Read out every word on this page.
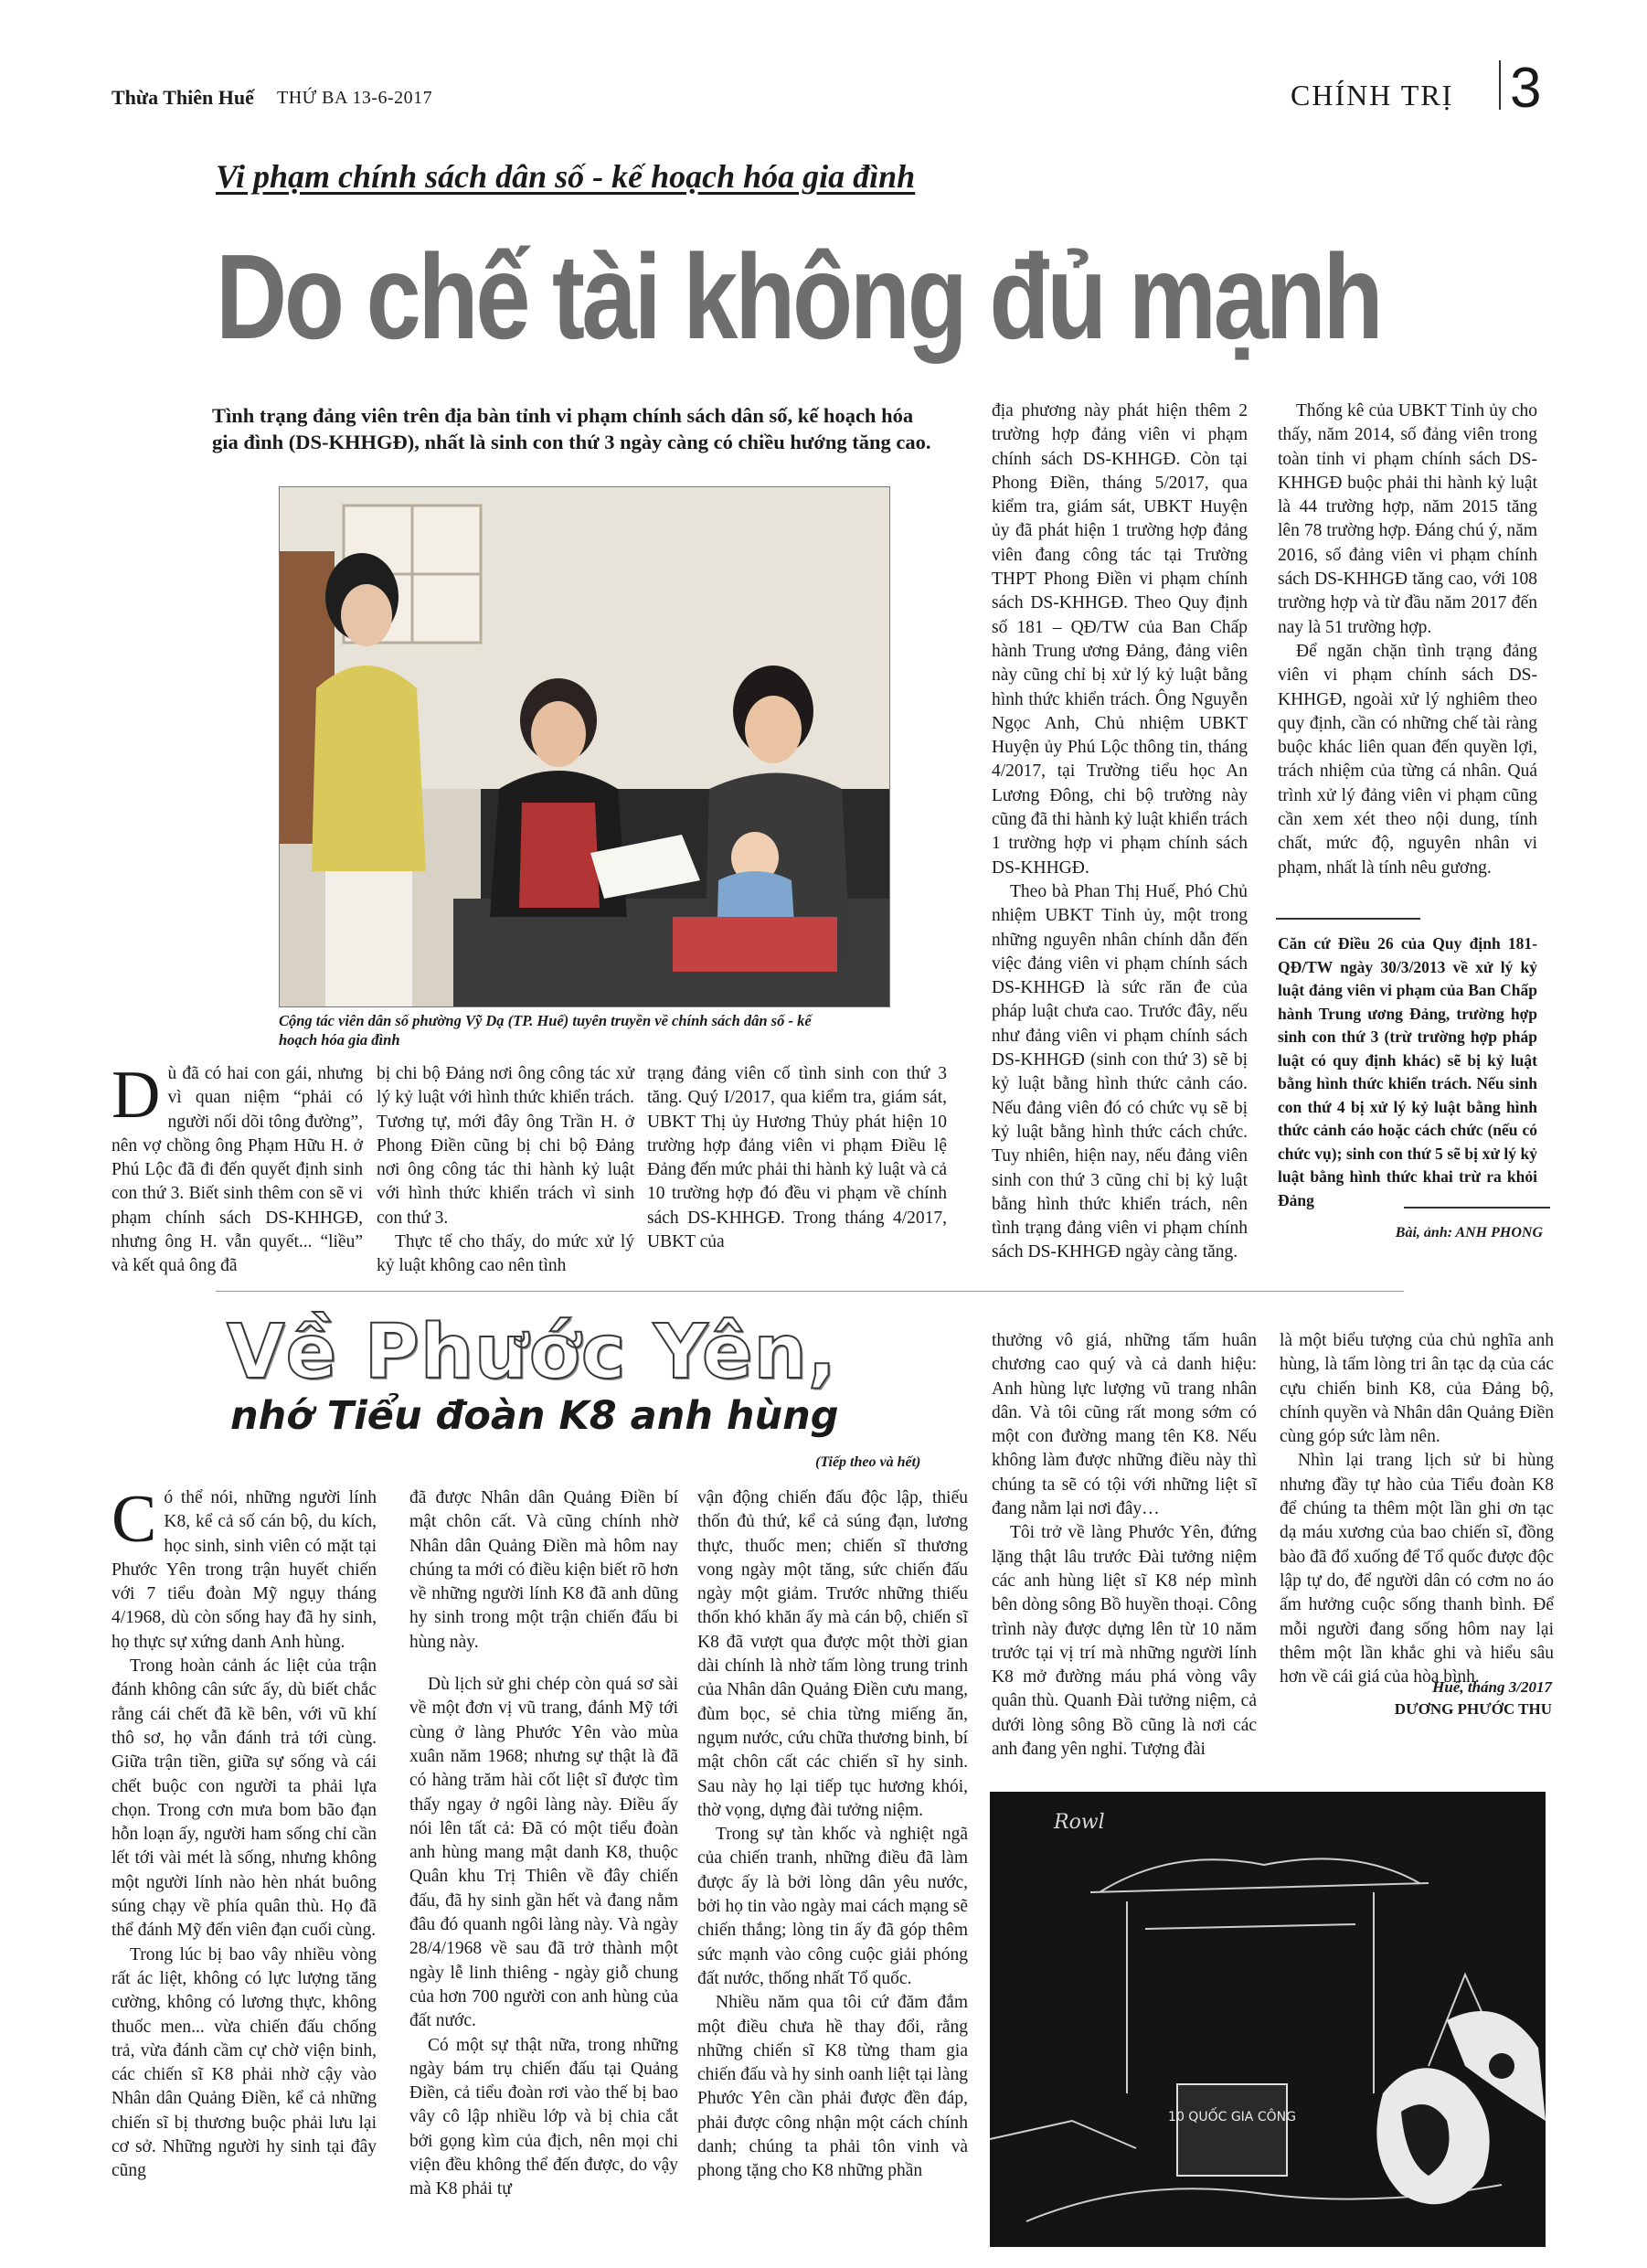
Thừa Thiên Huế THỨ BA 13-6-2017	CHÍNH TRỊ 3
Vi phạm chính sách dân số - kế hoạch hóa gia đình
Do chế tài không đủ mạnh
Tình trạng đảng viên trên địa bàn tỉnh vi phạm chính sách dân số, kế hoạch hóa gia đình (DS-KHHGĐ), nhất là sinh con thứ 3 ngày càng có chiều hướng tăng cao.
Cộng tác viên dân số phường Vỹ Dạ (TP. Huế) tuyên truyền về chính sách dân số - kế hoạch hóa gia đình

Dù đã có hai con gái, nhưng vì quan niệm “phải có người nối dõi tông đường”, nên vợ chồng ông Phạm Hữu H. ở Phú Lộc đã đi đến quyết định sinh con thứ 3. Biết sinh thêm con sẽ vi phạm chính sách DS-KHHGĐ, nhưng ông H. vẫn quyết... “liều” và kết quả ông đã

bị chi bộ Đảng nơi ông công tác xử lý kỷ luật với hình thức khiển trách. Tương tự, mới đây ông Trần H. ở Phong Điền cũng bị chi bộ Đảng nơi ông công tác thi hành kỷ luật với hình thức khiển trách vì sinh con thứ 3.

Thực tế cho thấy, do mức xử lý kỷ luật không cao nên tình

trạng đảng viên cố tình sinh con thứ 3 tăng. Quý I/2017, qua kiểm tra, giám sát, UBKT Thị ủy Hương Thủy phát hiện 10 trường hợp đảng viên vi phạm Điều lệ Đảng đến mức phải thi hành kỷ luật và cả 10 trường hợp đó đều vi phạm về chính sách DS-KHHGĐ. Trong tháng 4/2017, UBKT của

địa phương này phát hiện thêm 2 trường hợp đảng viên vi phạm chính sách DS-KHHGĐ. Còn tại Phong Điền, tháng 5/2017, qua kiểm tra, giám sát, UBKT Huyện ủy đã phát hiện 1 trường hợp đảng viên đang công tác tại Trường THPT Phong Điền vi phạm chính sách DS-KHHGĐ. Theo Quy định số 181 – QĐ/TW của Ban Chấp hành Trung ương Đảng, đảng viên này cũng chỉ bị xử lý kỷ luật bằng hình thức khiển trách. Ông Nguyễn Ngọc Anh, Chủ nhiệm UBKT Huyện ủy Phú Lộc thông tin, tháng 4/2017, tại Trường tiểu học An Lương Đông, chi bộ trường này cũng đã thi hành kỷ luật khiển trách 1 trường hợp vi phạm chính sách DS-KHHGĐ.

Theo bà Phan Thị Huế, Phó Chủ nhiệm UBKT Tỉnh ủy, một trong những nguyên nhân chính dẫn đến việc đảng viên vi phạm chính sách DS-KHHGĐ là sức răn đe của pháp luật chưa cao. Trước đây, nếu như đảng viên vi phạm chính sách DS-KHHGĐ (sinh con thứ 3) sẽ bị kỷ luật bằng hình thức cảnh cáo. Nếu đảng viên đó có chức vụ sẽ bị kỷ luật bằng hình thức cách chức. Tuy nhiên, hiện nay, nếu đảng viên sinh con thứ 3 cũng chỉ bị kỷ luật bằng hình thức khiển trách, nên tình trạng đảng viên vi phạm chính sách DS-KHHGĐ ngày càng tăng.

Thống kê của UBKT Tỉnh ủy cho thấy, năm 2014, số đảng viên trong toàn tỉnh vi phạm chính sách DS-KHHGĐ buộc phải thi hành kỷ luật là 44 trường hợp, năm 2015 tăng lên 78 trường hợp. Đáng chú ý, năm 2016, số đảng viên vi phạm chính sách DS-KHHGĐ tăng cao, với 108 trường hợp và từ đầu năm 2017 đến nay là 51 trường hợp.

Để ngăn chặn tình trạng đảng viên vi phạm chính sách DS-KHHGĐ, ngoài xử lý nghiêm theo quy định, cần có những chế tài ràng buộc khác liên quan đến quyền lợi, trách nhiệm của từng cá nhân. Quá trình xử lý đảng viên vi phạm cũng cần xem xét theo nội dung, tính chất, mức độ, nguyên nhân vi phạm, nhất là tính nêu gương.

Căn cứ Điều 26 của Quy định 181-QĐ/TW ngày 30/3/2013 về xử lý kỷ luật đảng viên vi phạm của Ban Chấp hành Trung ương Đảng, trường hợp sinh con thứ 3 (trừ trường hợp pháp luật có quy định khác) sẽ bị kỷ luật bằng hình thức khiển trách. Nếu sinh con thứ 4 bị xử lý kỷ luật bằng hình thức cảnh cáo hoặc cách chức (nếu có chức vụ); sinh con thứ 5 sẽ bị xử lý kỷ luật bằng hình thức khai trừ ra khỏi Đảng
Bài, ảnh: ANH PHONG
Về Phước Yên,
nhớ Tiểu đoàn K8 anh hùng
(Tiếp theo và hết)

Có thể nói, những người lính K8, kể cả số cán bộ, du kích, học sinh, sinh viên có mặt tại Phước Yên trong trận huyết chiến với 7 tiểu đoàn Mỹ ngụy tháng 4/1968, dù còn sống hay đã hy sinh, họ thực sự xứng danh Anh hùng.

Trong hoàn cảnh ác liệt của trận đánh không cân sức ấy, dù biết chắc rằng cái chết đã kề bên, với vũ khí thô sơ, họ vẫn đánh trả tới cùng. Giữa trận tiền, giữa sự sống và cái chết buộc con người ta phải lựa chọn. Trong cơn mưa bom bão đạn hỗn loạn ấy, người ham sống chỉ cần lết tới vài mét là sống, nhưng không một người lính nào hèn nhát buông súng chạy về phía quân thù. Họ đã thể đánh Mỹ đến viên đạn cuối cùng.

Trong lúc bị bao vây nhiều vòng rất ác liệt, không có lực lượng tăng cường, không có lương thực, không thuốc men... vừa chiến đấu chống trả, vừa đánh cầm cự chờ viện binh, các chiến sĩ K8 phải nhờ cậy vào Nhân dân Quảng Điền, kể cả những chiến sĩ bị thương buộc phải lưu lại cơ sở. Những người hy sinh tại đây cũng

đã được Nhân dân Quảng Điền bí mật chôn cất. Và cũng chính nhờ Nhân dân Quảng Điền mà hôm nay chúng ta mới có điều kiện biết rõ hơn về những người lính K8 đã anh dũng hy sinh trong một trận chiến đấu bi hùng này.

Dù lịch sử ghi chép còn quá sơ sài về một đơn vị vũ trang, đánh Mỹ tới cùng ở làng Phước Yên vào mùa xuân năm 1968; nhưng sự thật là đã có hàng trăm hài cốt liệt sĩ được tìm thấy ngay ở ngôi làng này. Điều ấy nói lên tất cả: Đã có một tiểu đoàn anh hùng mang mật danh K8, thuộc Quân khu Trị Thiên về đây chiến đấu, đã hy sinh gần hết và đang nằm đâu đó quanh ngôi làng này. Và ngày 28/4/1968 về sau đã trở thành một ngày lễ linh thiêng - ngày giỗ chung của hơn 700 người con anh hùng của đất nước.

Có một sự thật nữa, trong những ngày bám trụ chiến đấu tại Quảng Điền, cả tiểu đoàn rơi vào thế bị bao vây cô lập nhiều lớp và bị chia cắt bởi gọng kìm của địch, nên mọi chi viện đều không thể đến được, do vậy mà K8 phải tự

vận động chiến đấu độc lập, thiếu thốn đủ thứ, kể cả súng đạn, lương thực, thuốc men; chiến sĩ thương vong ngày một tăng, sức chiến đấu ngày một giảm. Trước những thiếu thốn khó khăn ấy mà cán bộ, chiến sĩ K8 đã vượt qua được một thời gian dài chính là nhờ tấm lòng trung trinh của Nhân dân Quảng Điền cưu mang, đùm bọc, sẻ chia từng miếng ăn, ngụm nước, cứu chữa thương binh, bí mật chôn cất các chiến sĩ hy sinh. Sau này họ lại tiếp tục hương khói, thờ vọng, dựng đài tưởng niệm.

Trong sự tàn khốc và nghiệt ngã của chiến tranh, những điều đã làm được ấy là bởi lòng dân yêu nước, bởi họ tin vào ngày mai cách mạng sẽ chiến thắng; lòng tin ấy đã góp thêm sức mạnh vào công cuộc giải phóng đất nước, thống nhất Tổ quốc.

Nhiều năm qua tôi cứ đăm đắm một điều chưa hề thay đổi, rằng những chiến sĩ K8 từng tham gia chiến đấu và hy sinh oanh liệt tại làng Phước Yên cần phải được đền đáp, phải được công nhận một cách chính danh; chúng ta phải tôn vinh và phong tặng cho K8 những phần

thưởng vô giá, những tấm huân chương cao quý và cả danh hiệu: Anh hùng lực lượng vũ trang nhân dân. Và tôi cũng rất mong sớm có một con đường mang tên K8. Nếu không làm được những điều này thì chúng ta sẽ có tội với những liệt sĩ đang nằm lại nơi đây…

Tôi trở về làng Phước Yên, đứng lặng thật lâu trước Đài tưởng niệm các anh hùng liệt sĩ K8 nép mình bên dòng sông Bồ huyền thoại. Công trình này được dựng lên từ 10 năm trước tại vị trí mà những người lính K8 mở đường máu phá vòng vây quân thù. Quanh Đài tưởng niệm, cả dưới lòng sông Bồ cũng là nơi các anh đang yên nghỉ. Tượng đài

là một biểu tượng của chủ nghĩa anh hùng, là tấm lòng tri ân tạc dạ của các cựu chiến binh K8, của Đảng bộ, chính quyền và Nhân dân Quảng Điền cùng góp sức làm nên.

Nhìn lại trang lịch sử bi hùng nhưng đầy tự hào của Tiểu đoàn K8 để chúng ta thêm một lần ghi ơn tạc dạ máu xương của bao chiến sĩ, đồng bào đã đổ xuống để Tổ quốc được độc lập tự do, để người dân có cơm no áo ấm hưởng cuộc sống thanh bình. Để mỗi người đang sống hôm nay lại thêm một lần khắc ghi và hiểu sâu hơn về cái giá của hòa bình.

Huế, tháng 3/2017
DƯƠNG PHƯỚC THU
10 QUỐC GIA CÔNG
Rowl
